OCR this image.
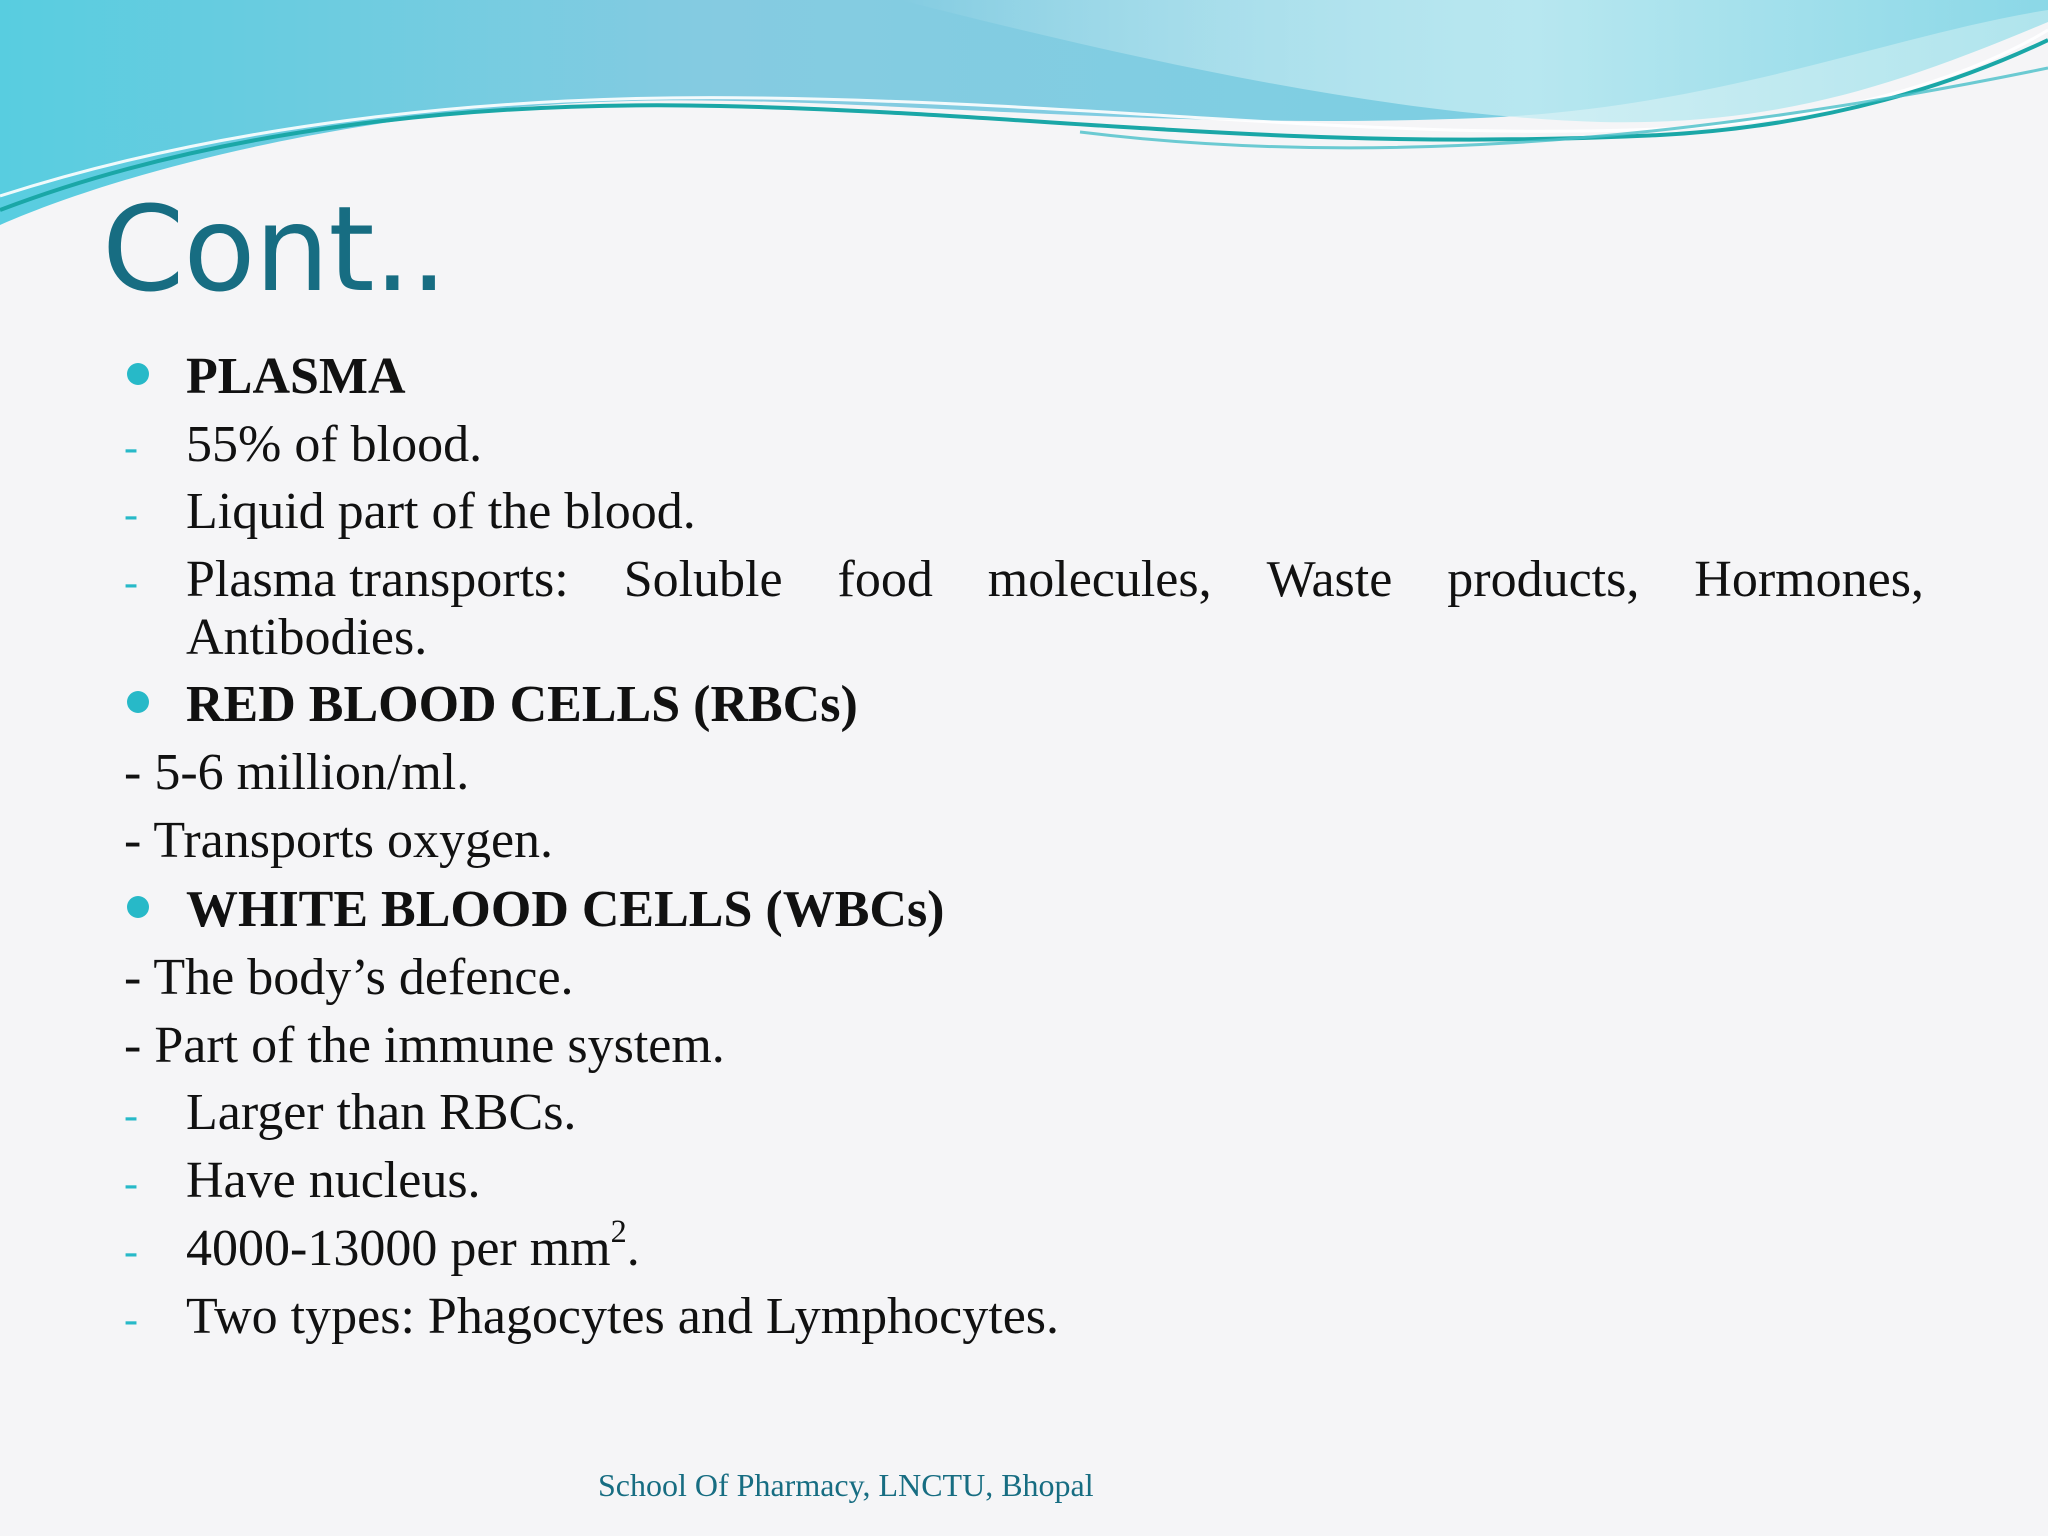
Cont..
PLASMA
- 55% of blood.
- Liquid part of the blood.
- Plasma transports: Soluble food molecules, Waste products, Hormones,
Antibodies.
RED BLOOD CELLS (RBCs)
- 5-6 million/ml.
- Transports oxygen.
WHITE BLOOD CELLS (WBCs)
- The body’s defence.
- Part of the immune system.
- Larger than RBCs.
- Have nucleus.
- 4000-13000 per $mm^2$.
- Two types: Phagocytes and Lymphocytes.
School Of Pharmacy, LNCTU, Bhopal
